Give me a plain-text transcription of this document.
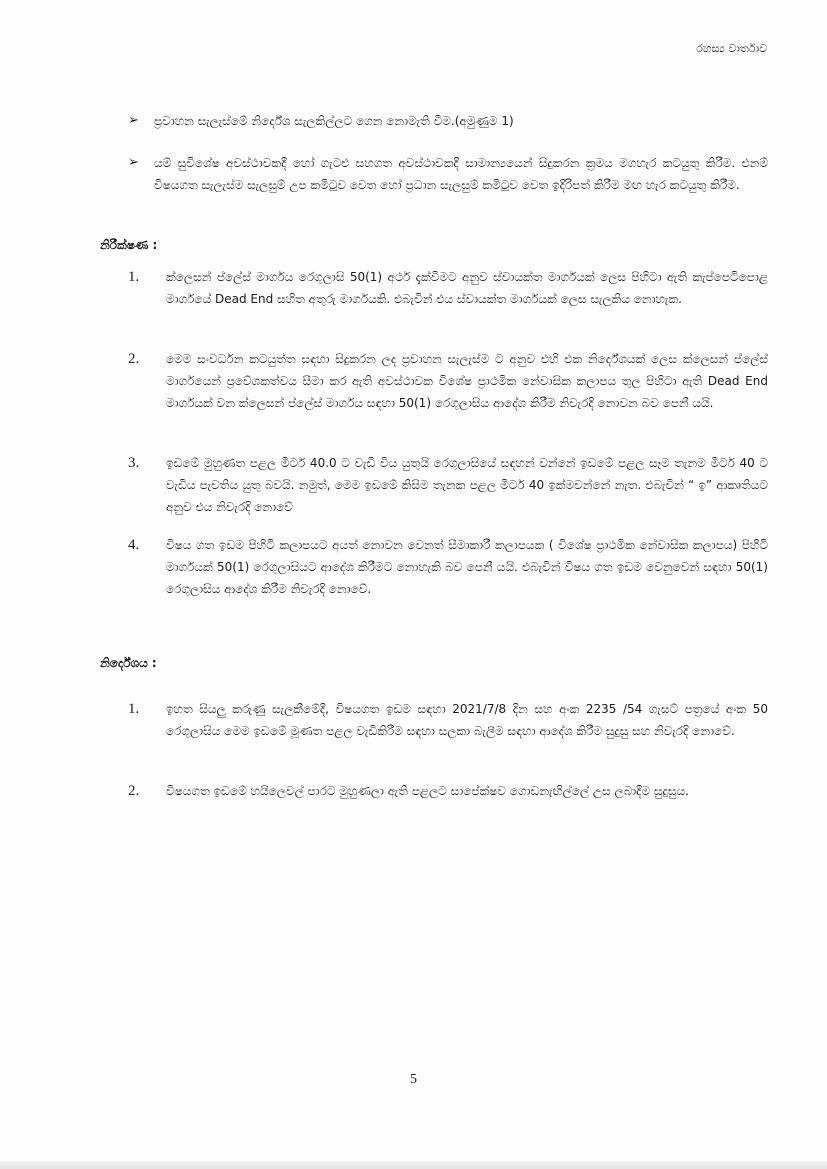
රහස්‍ය වාර්තාව
➢	ප්‍රවාහන සැලැස්මේ නිර්දේශ සැලකිල්ලට ගෙන නොමැති වීම.(අමුණුම 1)
➢	යම් සුවිශේෂ අවස්ථාවකදී හෝ ගැටළු සහගත අවස්ථාවකදී සාමාන්‍යයෙන් සිදුකරන ක්‍රමය මගහැර කටයුතු කිරීම. එනම් විෂයගත සැලැස්ම සැලසුම් උප කමිටුව වෙත හෝ ප්‍රධාන සැලසුම් කමිටුව වෙත ඉදිරිපත් කිරීම මඟ හැර කටයුතු කිරීම.
නිරීක්ෂණ :
1.	ක්ලෙසන් ප්ලේස් මාර්ගය රෙගුලාසි 50(1) අර්ථ දැක්වීමට අනුව ස්වායක්ත මාර්ගයක් ලෙස පිහිටා ඇති කැප්පෙටිපොළ මාර්ගයේ Dead End සහිත අතුරු මාර්ගයකි. එබැවින් එය ස්වායක්ත මාර්ගයක් ලෙස සැලකිය නොහැක.
2.	මෙම සංවර්ධන කටයුත්ත සඳහා සිදුකරන ලද ප්‍රවාහන සැලැස්ම ට අනුව එහි එක නිර්දේශයක් ලෙස ක්ලෙසන් ප්ලේස් මාර්ගයෙන් ප්‍රවේශකත්වය සීමා කර ඇති අවස්ථාවක විශේෂ ප්‍රාථමික නේවාසික කලාපය තුල පිහිටා ඇති Dead End මාර්ගයක් වන ක්ලෙසන් ප්ලේස් මාර්ගය සඳහා 50(1) රෙගුලාසිය ආදේශ කිරීම නිවැරදි නොවන බව පෙනී යයි.
3.	ඉඩමේ මුහුණත පළල මීටර් 40.0 ට වැඩි විය යුතුයි රෙගුලාසියේ සඳහන් වන්නේ ඉඩමේ පළල සෑම තැනම මීටර් 40 ට වැඩිය පැවතිය යුතු බවයි. නමුත්, මෙම ඉඩමේ කිසිම තැනක පළල මීටර් 40 ඉක්මවන්නේ නැත. එබැවින් “ ඉ” ආකෘතියට අනුව එය නිවැරදි නොවේ
4.	විෂය ගත ඉඩම පිහිටි කලාපයට අයත් නොවන වෙනත් සීමාකාරී කලාපයක ( විශේෂ ප්‍රාථමික නේවාසික කලාපය) පිහිටි මාර්ගයක් 50(1) රෙගුලාසියට ආදේශ කිරීමට නොහැකි බව පෙනී යයි. එබැවින් විෂය ගත ඉඩම වෙනුවෙන් සඳහා 50(1) රෙගුලාසිය ආදේශ කිරීම නිවැරදි නොවේ.
නිර්දේශය :
1.	ඉහත සියලු කරුණු සැලකීමේදී, විෂයගත ඉඩම සඳහා 2021/7/8 දින සහ අංක 2235 /54 ගැසට් පත්‍රයේ අංක 50 රෙගුලාසිය මෙම ඉඩමේ මූණත පළල වැඩිකිරීම සඳහා සලකා බැලීම සඳහා ආදේශ කිරීම සුදුසු සහ නිවැරදි නොවේ.
2.	විෂයගත ඉඩමේ හයිලෙවල් පාරට මුහුණලා ඇති පළලට සාපේක්ෂව ගොඩනැඟිල්ලේ උස ලබාදීම සුදුසුය.
5
